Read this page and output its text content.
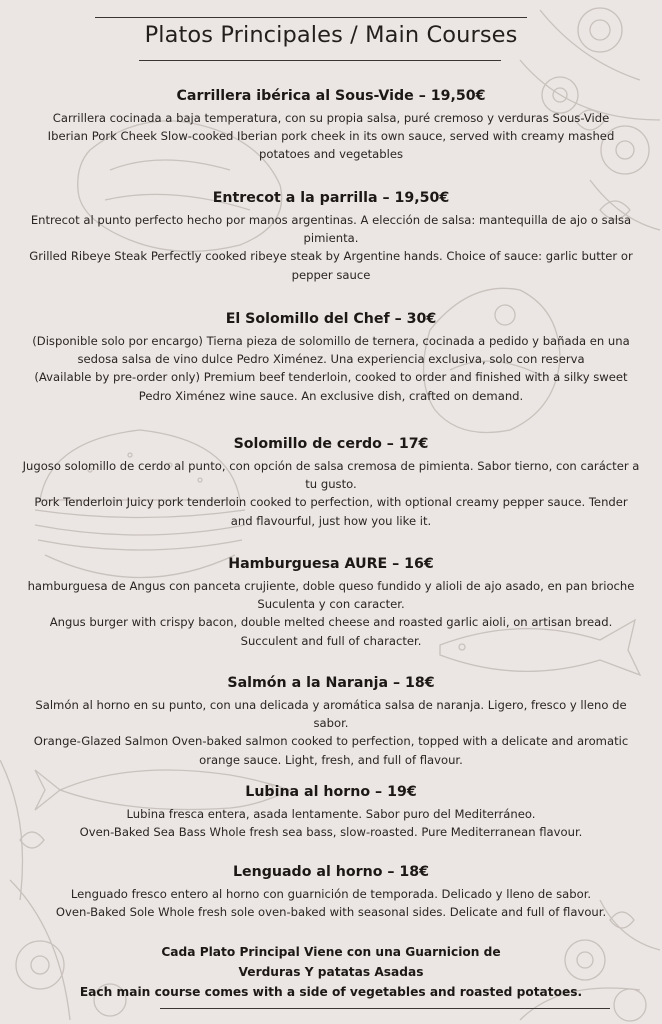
Platos Principales / Main Courses
Carrillera ibérica al Sous-Vide – 19,50€

Carrillera cocinada a baja temperatura, con su propia salsa, puré cremoso y verduras Sous-Vide

Iberian Pork Cheek Slow-cooked Iberian pork cheek in its own sauce, served with creamy mashed potatoes and vegetables

Entrecot a la parrilla – 19,50€

Entrecot al punto perfecto hecho por manos argentinas. A elección de salsa: mantequilla de ajo o salsa pimienta.

Grilled Ribeye Steak Perfectly cooked ribeye steak by Argentine hands. Choice of sauce: garlic butter or pepper sauce

El Solomillo del Chef – 30€

(Disponible solo por encargo) Tierna pieza de solomillo de ternera, cocinada a pedido y bañada en una sedosa salsa de vino dulce Pedro Ximénez. Una experiencia exclusiva, solo con reserva

(Available by pre-order only) Premium beef tenderloin, cooked to order and finished with a silky sweet Pedro Ximénez wine sauce. An exclusive dish, crafted on demand.

Solomillo de cerdo – 17€

Jugoso solomillo de cerdo al punto, con opción de salsa cremosa de pimienta. Sabor tierno, con carácter a tu gusto.

Pork Tenderloin Juicy pork tenderloin cooked to perfection, with optional creamy pepper sauce. Tender and flavourful, just how you like it.

Hamburguesa AURE – 16€

hamburguesa de Angus con panceta crujiente, doble queso fundido y alioli de ajo asado, en pan brioche Suculenta y con caracter.

Angus burger with crispy bacon, double melted cheese and roasted garlic aioli, on artisan bread. Succulent and full of character.

Salmón a la Naranja – 18€

Salmón al horno en su punto, con una delicada y aromática salsa de naranja. Ligero, fresco y lleno de sabor.

Orange-Glazed Salmon Oven-baked salmon cooked to perfection, topped with a delicate and aromatic orange sauce. Light, fresh, and full of flavour.

Lubina al horno – 19€

Lubina fresca entera, asada lentamente. Sabor puro del Mediterráneo.

Oven-Baked Sea Bass Whole fresh sea bass, slow-roasted. Pure Mediterranean flavour.

Lenguado al horno – 18€

Lenguado fresco entero al horno con guarnición de temporada. Delicado y lleno de sabor.

Oven-Baked Sole Whole fresh sole oven-baked with seasonal sides. Delicate and full of flavour.

Cada Plato Principal Viene con una Guarnicion de Verduras Y patatas Asadas
Each main course comes with a side of vegetables and roasted potatoes.
